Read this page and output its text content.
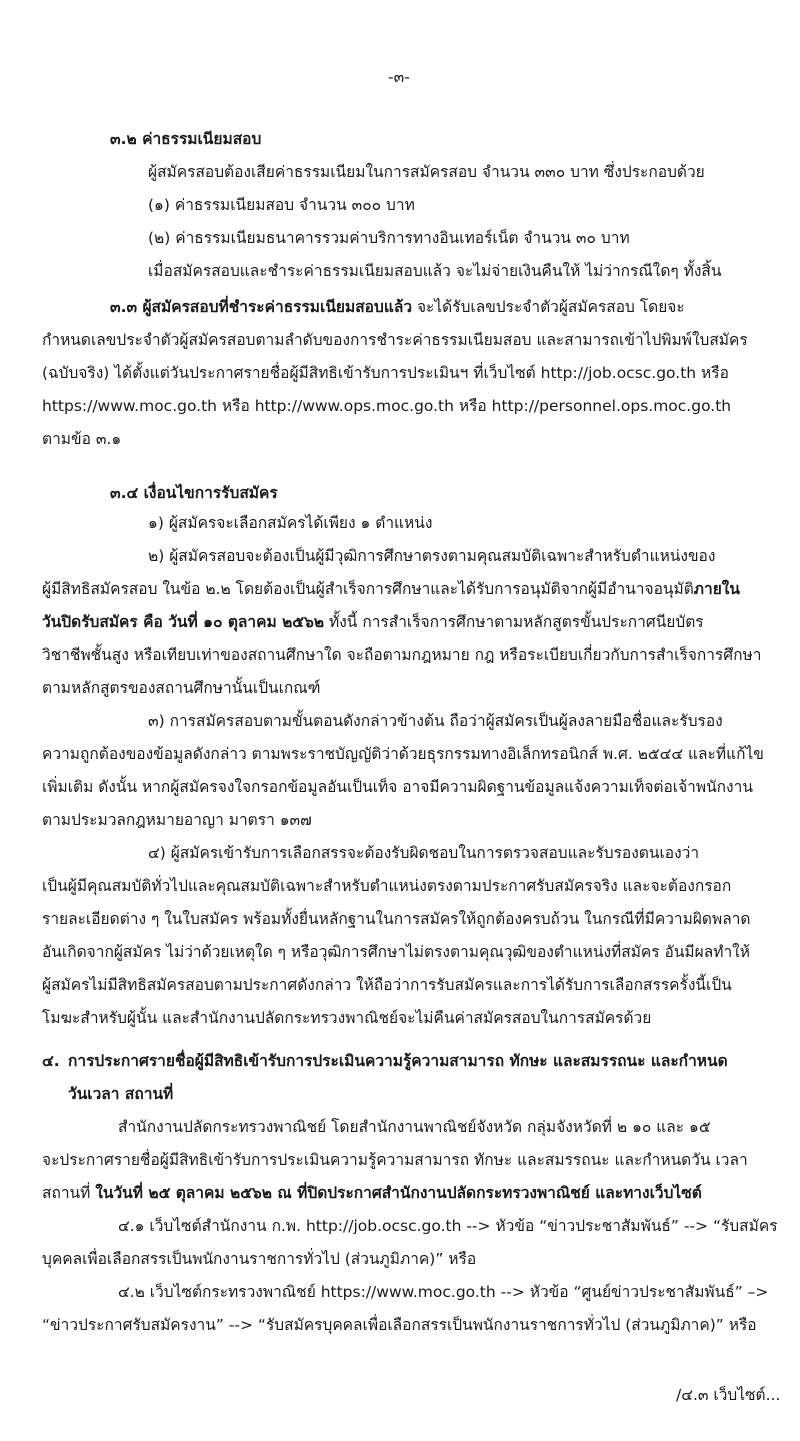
-๓-
๓.๒ ค่าธรรมเนียมสอบ
ผู้สมัครสอบต้องเสียค่าธรรมเนียมในการสมัครสอบ จำนวน ๓๓๐ บาท ซึ่งประกอบด้วย
(๑) ค่าธรรมเนียมสอบ จำนวน ๓๐๐ บาท
(๒) ค่าธรรมเนียมธนาคารรวมค่าบริการทางอินเทอร์เน็ต จำนวน ๓๐ บาท
เมื่อสมัครสอบและชำระค่าธรรมเนียมสอบแล้ว จะไม่จ่ายเงินคืนให้ ไม่ว่ากรณีใดๆ ทั้งสิ้น
๓.๓ ผู้สมัครสอบที่ชำระค่าธรรมเนียมสอบแล้ว จะได้รับเลขประจำตัวผู้สมัครสอบ โดยจะ
กำหนดเลขประจำตัวผู้สมัครสอบตามลำดับของการชำระค่าธรรมเนียมสอบ และสามารถเข้าไปพิมพ์ใบสมัคร
(ฉบับจริง) ได้ตั้งแต่วันประกาศรายชื่อผู้มีสิทธิเข้ารับการประเมินฯ ที่เว็บไซต์ http://job.ocsc.go.th หรือ
https://www.moc.go.th หรือ http://www.ops.moc.go.th หรือ http://personnel.ops.moc.go.th
ตามข้อ ๓.๑
๓.๔ เงื่อนไขการรับสมัคร
๑) ผู้สมัครจะเลือกสมัครได้เพียง ๑ ตำแหน่ง
๒) ผู้สมัครสอบจะต้องเป็นผู้มีวุฒิการศึกษาตรงตามคุณสมบัติเฉพาะสำหรับตำแหน่งของ
ผู้มีสิทธิสมัครสอบ ในข้อ ๒.๒ โดยต้องเป็นผู้สำเร็จการศึกษาและได้รับการอนุมัติจากผู้มีอำนาจอนุมัติภายใน
วันปิดรับสมัคร คือ วันที่ ๑๐ ตุลาคม ๒๕๖๒ ทั้งนี้ การสำเร็จการศึกษาตามหลักสูตรขั้นประกาศนียบัตร
วิชาชีพชั้นสูง หรือเทียบเท่าของสถานศึกษาใด จะถือตามกฎหมาย กฎ หรือระเบียบเกี่ยวกับการสำเร็จการศึกษา
ตามหลักสูตรของสถานศึกษานั้นเป็นเกณฑ์
๓) การสมัครสอบตามขั้นตอนดังกล่าวข้างต้น ถือว่าผู้สมัครเป็นผู้ลงลายมือชื่อและรับรอง
ความถูกต้องของข้อมูลดังกล่าว ตามพระราชบัญญัติว่าด้วยธุรกรรมทางอิเล็กทรอนิกส์ พ.ศ. ๒๕๔๔ และที่แก้ไข
เพิ่มเติม ดังนั้น หากผู้สมัครจงใจกรอกข้อมูลอันเป็นเท็จ อาจมีความผิดฐานข้อมูลแจ้งความเท็จต่อเจ้าพนักงาน
ตามประมวลกฎหมายอาญา มาตรา ๑๓๗
๔) ผู้สมัครเข้ารับการเลือกสรรจะต้องรับผิดชอบในการตรวจสอบและรับรองตนเองว่า
เป็นผู้มีคุณสมบัติทั่วไปและคุณสมบัติเฉพาะสำหรับตำแหน่งตรงตามประกาศรับสมัครจริง และจะต้องกรอก
รายละเอียดต่าง ๆ ในใบสมัคร พร้อมทั้งยื่นหลักฐานในการสมัครให้ถูกต้องครบถ้วน ในกรณีที่มีความผิดพลาด
อันเกิดจากผู้สมัคร ไม่ว่าด้วยเหตุใด ๆ หรือวุฒิการศึกษาไม่ตรงตามคุณวุฒิของตำแหน่งที่สมัคร อันมีผลทำให้
ผู้สมัครไม่มีสิทธิสมัครสอบตามประกาศดังกล่าว ให้ถือว่าการรับสมัครและการได้รับการเลือกสรรครั้งนี้เป็น
โมฆะสำหรับผู้นั้น และสำนักงานปลัดกระทรวงพาณิชย์จะไม่คืนค่าสมัครสอบในการสมัครด้วย
๔. การประกาศรายชื่อผู้มีสิทธิเข้ารับการประเมินความรู้ความสามารถ ทักษะ และสมรรถนะ และกำหนด
วันเวลา สถานที่
สำนักงานปลัดกระทรวงพาณิชย์ โดยสำนักงานพาณิชย์จังหวัด กลุ่มจังหวัดที่ ๒ ๑๐ และ ๑๕
จะประกาศรายชื่อผู้มีสิทธิเข้ารับการประเมินความรู้ความสามารถ ทักษะ และสมรรถนะ และกำหนดวัน เวลา
สถานที่ ในวันที่ ๒๕ ตุลาคม ๒๕๖๒ ณ ที่ปิดประกาศสำนักงานปลัดกระทรวงพาณิชย์ และทางเว็บไซต์
๔.๑ เว็บไซต์สำนักงาน ก.พ. http://job.ocsc.go.th --> หัวข้อ “ข่าวประชาสัมพันธ์” --> “รับสมัคร
บุคคลเพื่อเลือกสรรเป็นพนักงานราชการทั่วไป (ส่วนภูมิภาค)” หรือ
๔.๒ เว็บไซต์กระทรวงพาณิชย์ https://www.moc.go.th --> หัวข้อ “ศูนย์ข่าวประชาสัมพันธ์” –>
“ข่าวประกาศรับสมัครงาน” --> “รับสมัครบุคคลเพื่อเลือกสรรเป็นพนักงานราชการทั่วไป (ส่วนภูมิภาค)” หรือ
/๔.๓ เว็บไซต์...
